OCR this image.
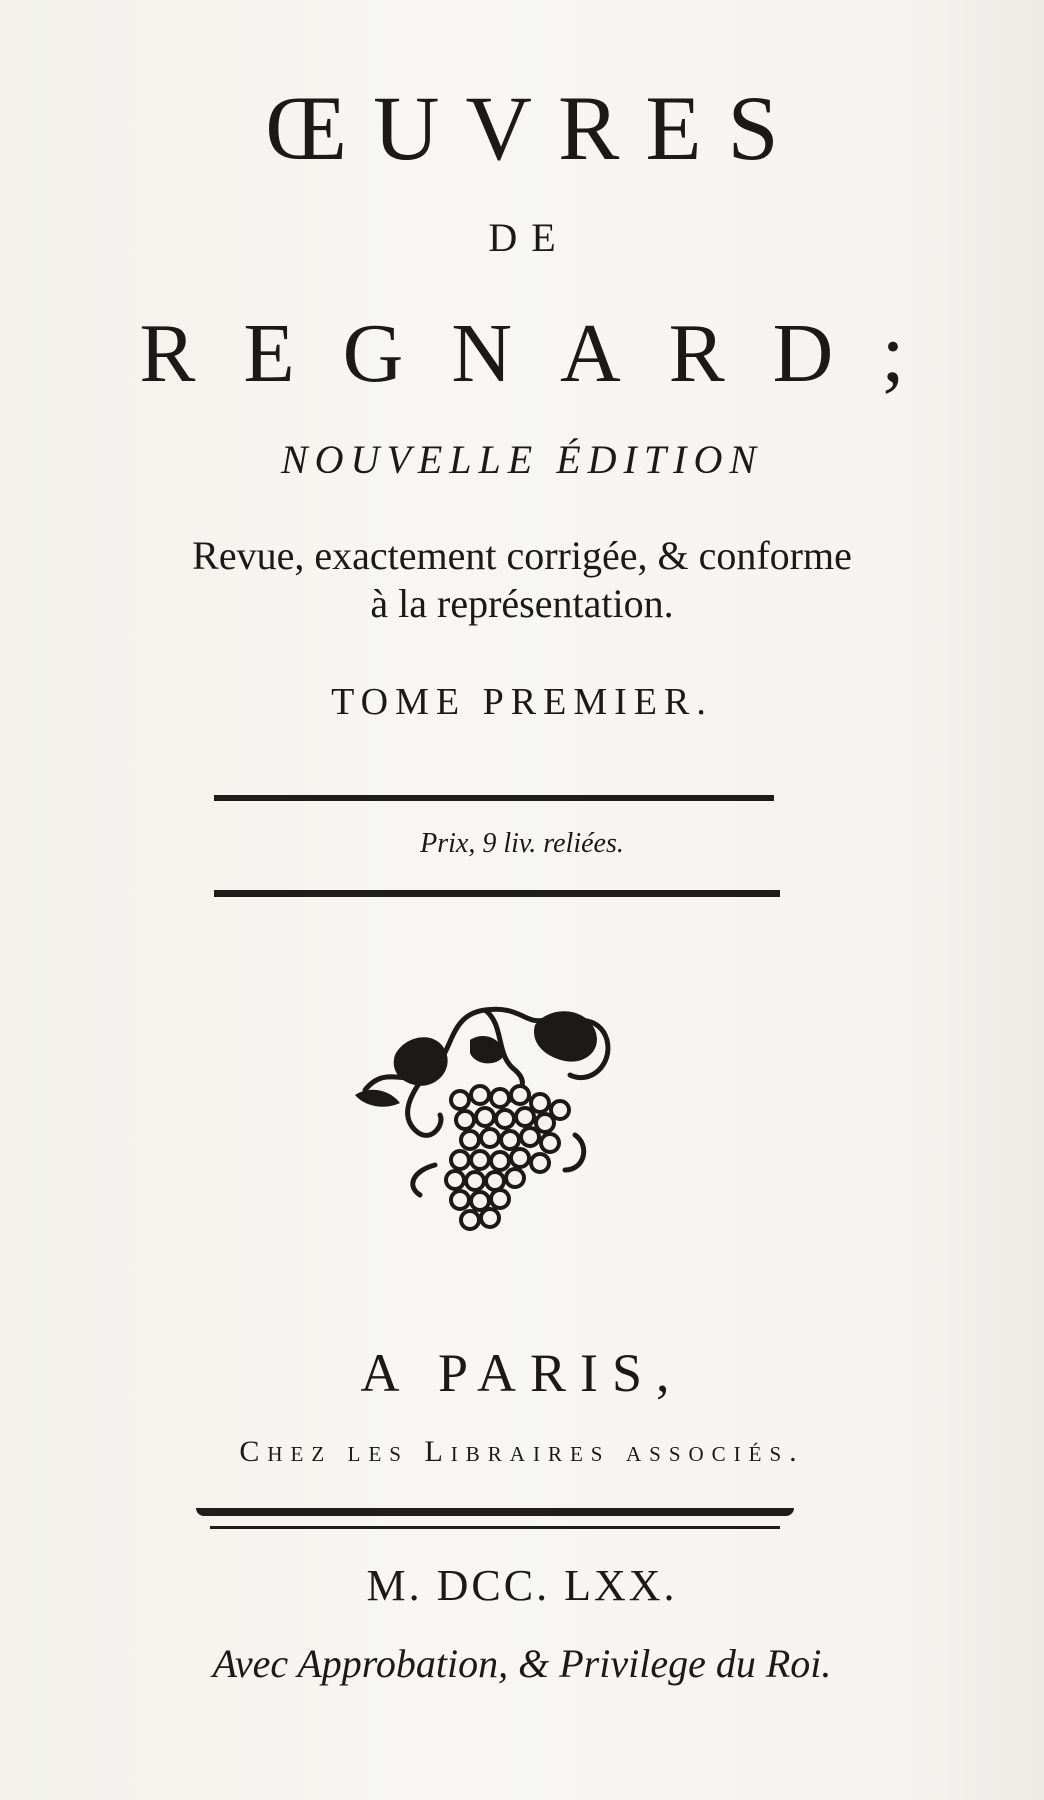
ŒUVRES
DE
REGNARD;
NOUVELLE ÉDITION
Revue, exactement corrigée, & conforme
à la représentation.
TOME PREMIER.
Prix, 9 liv. reliées.
A PARIS,
Chez les Libraires associés.
M. DCC. LXX.
Avec Approbation, & Privilege du Roi.
